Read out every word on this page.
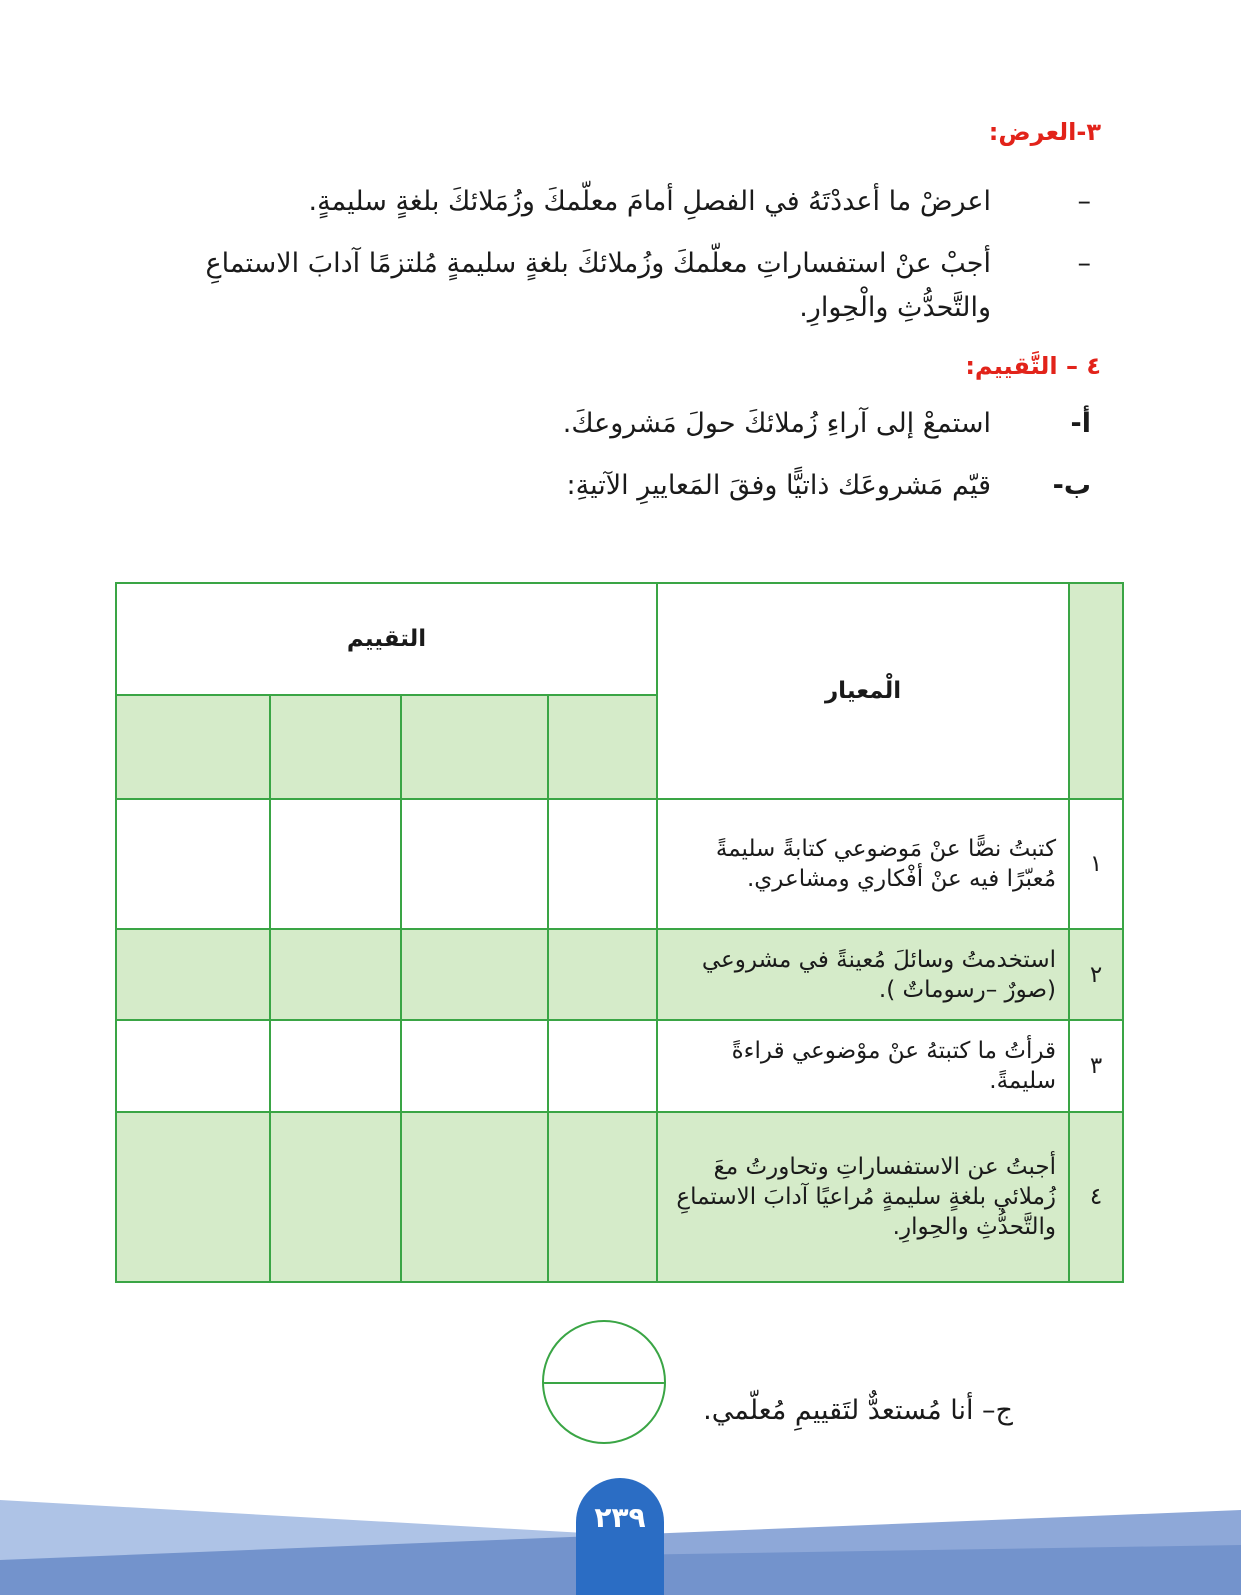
٣-العرض:
–
اعرضْ ما أعددْتَهُ في الفصلِ أمامَ معلّمكَ وزُمَلائكَ بلغةٍ سليمةٍ.
–
أجبْ عنْ استفساراتِ معلّمكَ وزُملائكَ بلغةٍ سليمةٍ مُلتزمًا آدابَ الاستماعِ والتَّحدُّثِ والْحِوارِ.
٤ – التَّقييم:
أ-
استمعْ إلى آراءِ زُملائكَ حولَ مَشروعكَ.
ب-
قيّم مَشروعَك ذاتيًّا وفقَ المَعاييرِ الآتيةِ:
	الْمعيار	التقييم			

١	كتبتُ نصًّا عنْ مَوضوعي كتابةً سليمةً مُعبّرًا فيه عنْ أفْكاري ومشاعري.				
٢	استخدمتُ وسائلَ مُعينةً في مشروعي (صورٌ –رسوماتٌ ).				
٣	قرأتُ ما كتبتهُ عنْ موْضوعي قراءةً سليمةً.				
٤	أجبتُ عن الاستفساراتِ وتحاورتُ معَ زُملائي بلغةٍ سليمةٍ مُراعيًا آدابَ الاستماعِ والتَّحدُّثِ والحِوارِ.				
ج– أنا مُستعدٌّ لتَقييمِ مُعلّمي.
٢٣٩
